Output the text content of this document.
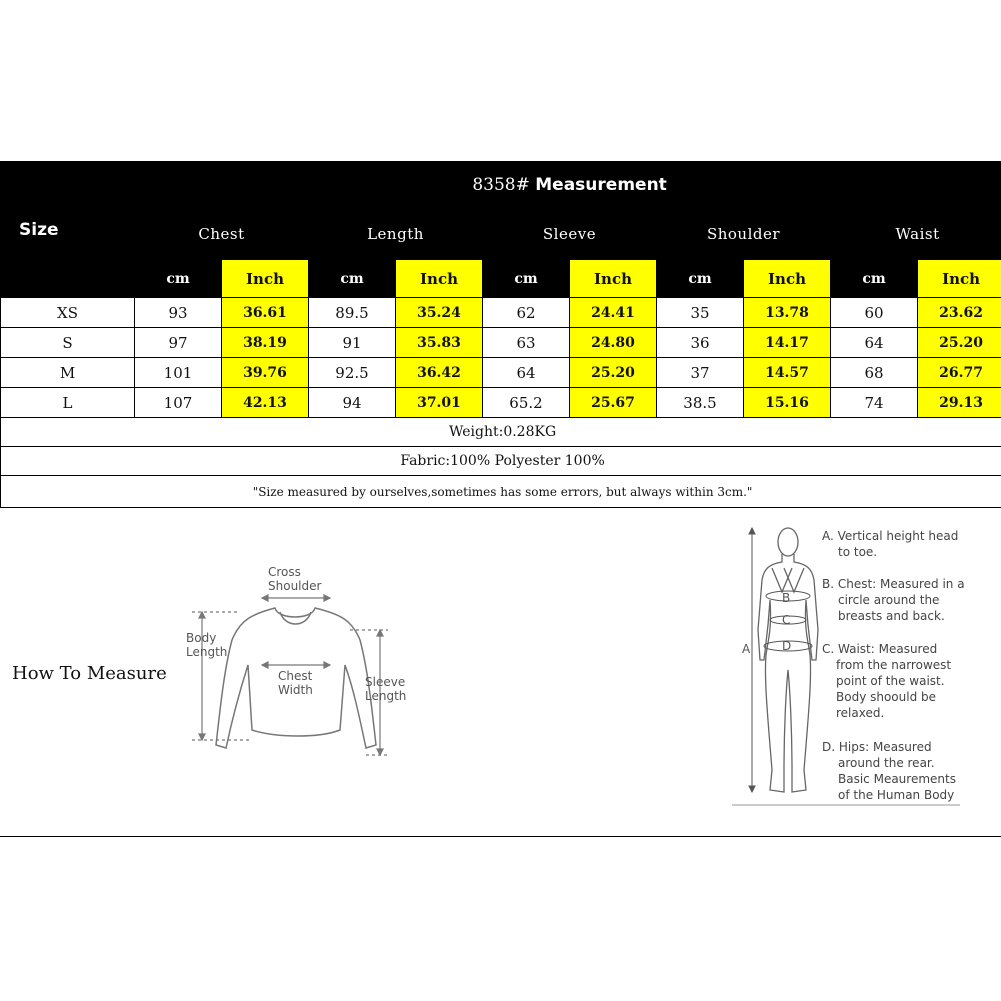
Size	8358# Measurement									
	Chest		Length		Sleeve		Shoulder		Waist	
	cm	Inch	cm	Inch	cm	Inch	cm	Inch	cm	Inch
XS	93	36.61	89.5	35.24	62	24.41	35	13.78	60	23.62
S	97	38.19	91	35.83	63	24.80	36	14.17	64	25.20
M	101	39.76	92.5	36.42	64	25.20	37	14.57	68	26.77
L	107	42.13	94	37.01	65.2	25.67	38.5	15.16	74	29.13
Weight:0.28KG										
Fabric:100% Polyester 100%										
"Size measured by ourselves,sometimes has some errors, but always within 3cm."										
How To Measure
Cross
Shoulder
Body
Length
Chest
Width
Sleeve
Length
A
B
C
D
A. Vertical height head
to toe.
B. Chest: Measured in a
circle around the
breasts and back.
C. Waist: Measured
from the narrowest
point of the waist.
Body shoould be
relaxed.
D. Hips: Measured
around the rear.
Basic Meaurements
of the Human Body
